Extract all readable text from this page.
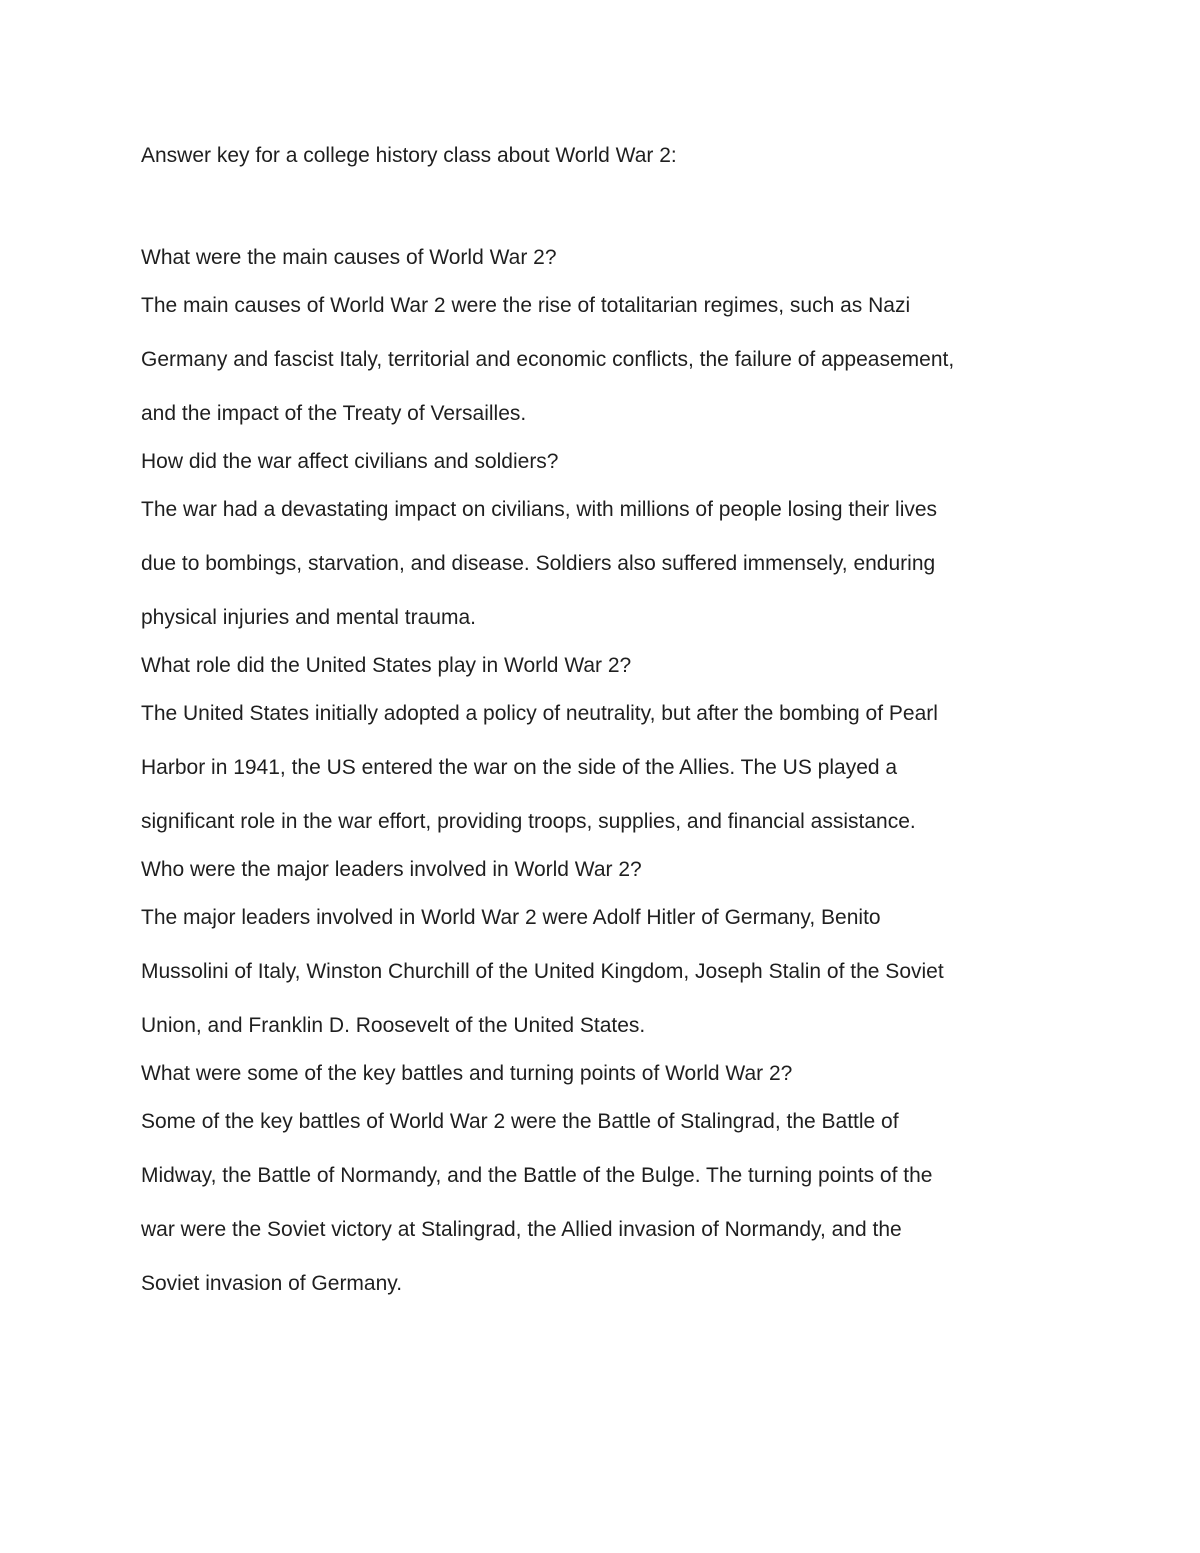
Answer key for a college history class about World War 2:
What were the main causes of World War 2?
The main causes of World War 2 were the rise of totalitarian regimes, such as Nazi
Germany and fascist Italy, territorial and economic conflicts, the failure of appeasement,
and the impact of the Treaty of Versailles.
How did the war affect civilians and soldiers?
The war had a devastating impact on civilians, with millions of people losing their lives
due to bombings, starvation, and disease. Soldiers also suffered immensely, enduring
physical injuries and mental trauma.
What role did the United States play in World War 2?
The United States initially adopted a policy of neutrality, but after the bombing of Pearl
Harbor in 1941, the US entered the war on the side of the Allies. The US played a
significant role in the war effort, providing troops, supplies, and financial assistance.
Who were the major leaders involved in World War 2?
The major leaders involved in World War 2 were Adolf Hitler of Germany, Benito
Mussolini of Italy, Winston Churchill of the United Kingdom, Joseph Stalin of the Soviet
Union, and Franklin D. Roosevelt of the United States.
What were some of the key battles and turning points of World War 2?
Some of the key battles of World War 2 were the Battle of Stalingrad, the Battle of
Midway, the Battle of Normandy, and the Battle of the Bulge. The turning points of the
war were the Soviet victory at Stalingrad, the Allied invasion of Normandy, and the
Soviet invasion of Germany.
